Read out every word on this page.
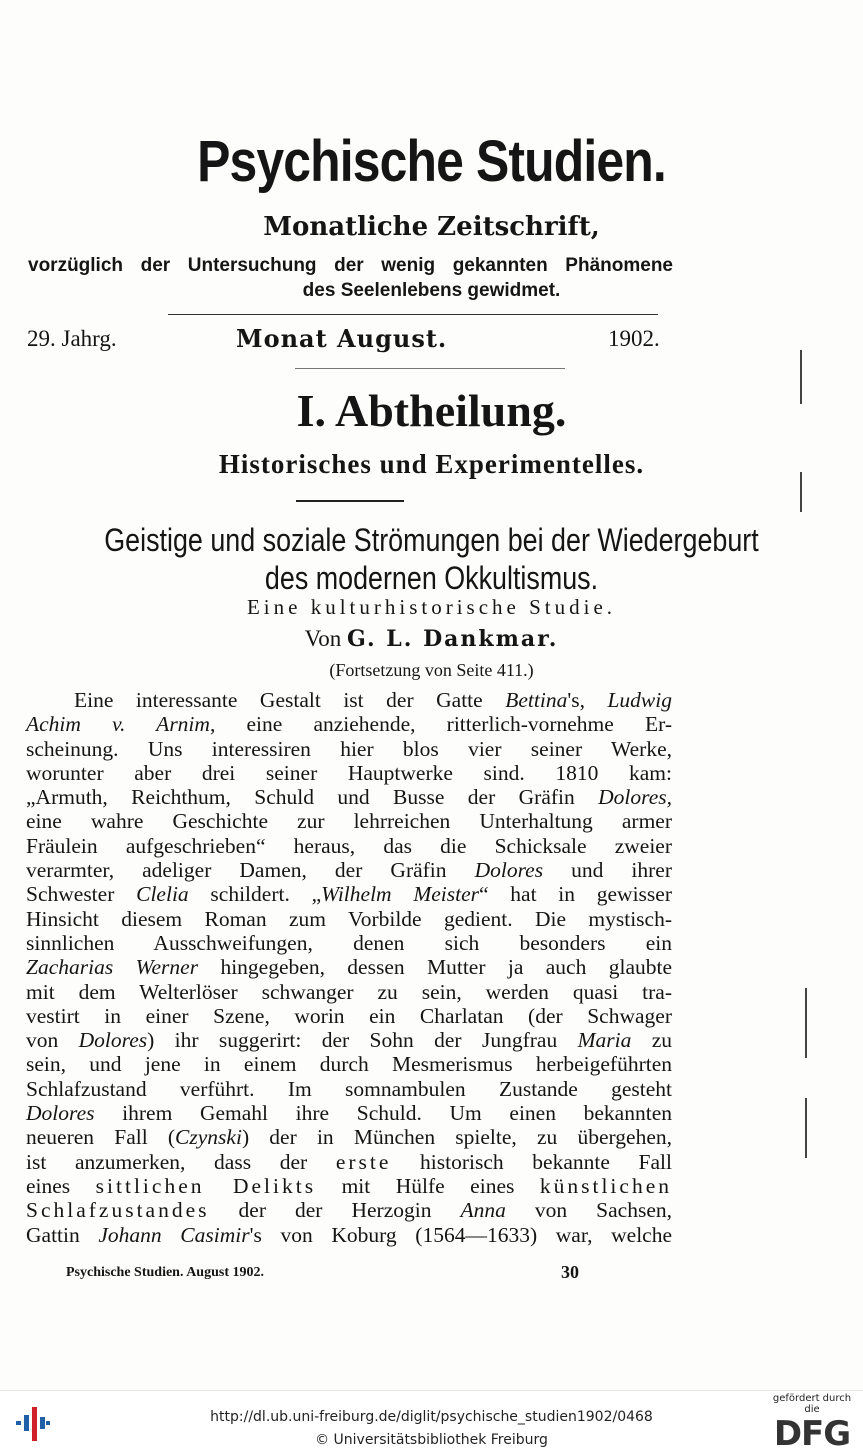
Psychische Studien.
Monatliche Zeitschrift,
vorzüglich der Untersuchung der wenig gekannten Phänomene
des Seelenlebens gewidmet.
29. Jahrg.	Monat August.	1902.
I. Abtheilung.
Historisches und Experimentelles.
Geistige und soziale Strömungen bei der Wiedergeburt
des modernen Okkultismus.
Eine kulturhistorische Studie.
Von G. L. Dankmar.
(Fortsetzung von Seite 411.)
Eine interessante Gestalt ist der Gatte Bettina's, Ludwig
Achim v. Arnim, eine anziehende, ritterlich-vornehme Er-
scheinung. Uns interessiren hier blos vier seiner Werke,
worunter aber drei seiner Hauptwerke sind. 1810 kam:
„Armuth, Reichthum, Schuld und Busse der Gräfin Dolores,
eine wahre Geschichte zur lehrreichen Unterhaltung armer
Fräulein aufgeschrieben“ heraus, das die Schicksale zweier
verarmter, adeliger Damen, der Gräfin Dolores und ihrer
Schwester Clelia schildert. „Wilhelm Meister“ hat in gewisser
Hinsicht diesem Roman zum Vorbilde gedient. Die mystisch-
sinnlichen Ausschweifungen, denen sich besonders ein
Zacharias Werner hingegeben, dessen Mutter ja auch glaubte
mit dem Welterlöser schwanger zu sein, werden quasi tra-
vestirt in einer Szene, worin ein Charlatan (der Schwager
von Dolores) ihr suggerirt: der Sohn der Jungfrau Maria zu
sein, und jene in einem durch Mesmerismus herbeigeführten
Schlafzustand verführt. Im somnambulen Zustande gesteht
Dolores ihrem Gemahl ihre Schuld. Um einen bekannten
neueren Fall (Czynski) der in München spielte, zu übergehen,
ist anzumerken, dass der erste historisch bekannte Fall
eines sittlichen Delikts mit Hülfe eines künstlichen
Schlafzustandes der der Herzogin Anna von Sachsen,
Gattin Johann Casimir's von Koburg (1564—1633) war, welche
Psychische Studien. August 1902.	30
http://dl.ub.uni-freiburg.de/diglit/psychische_studien1902/0468
© Universitätsbibliothek Freiburg
gefördert durch die
DFG
